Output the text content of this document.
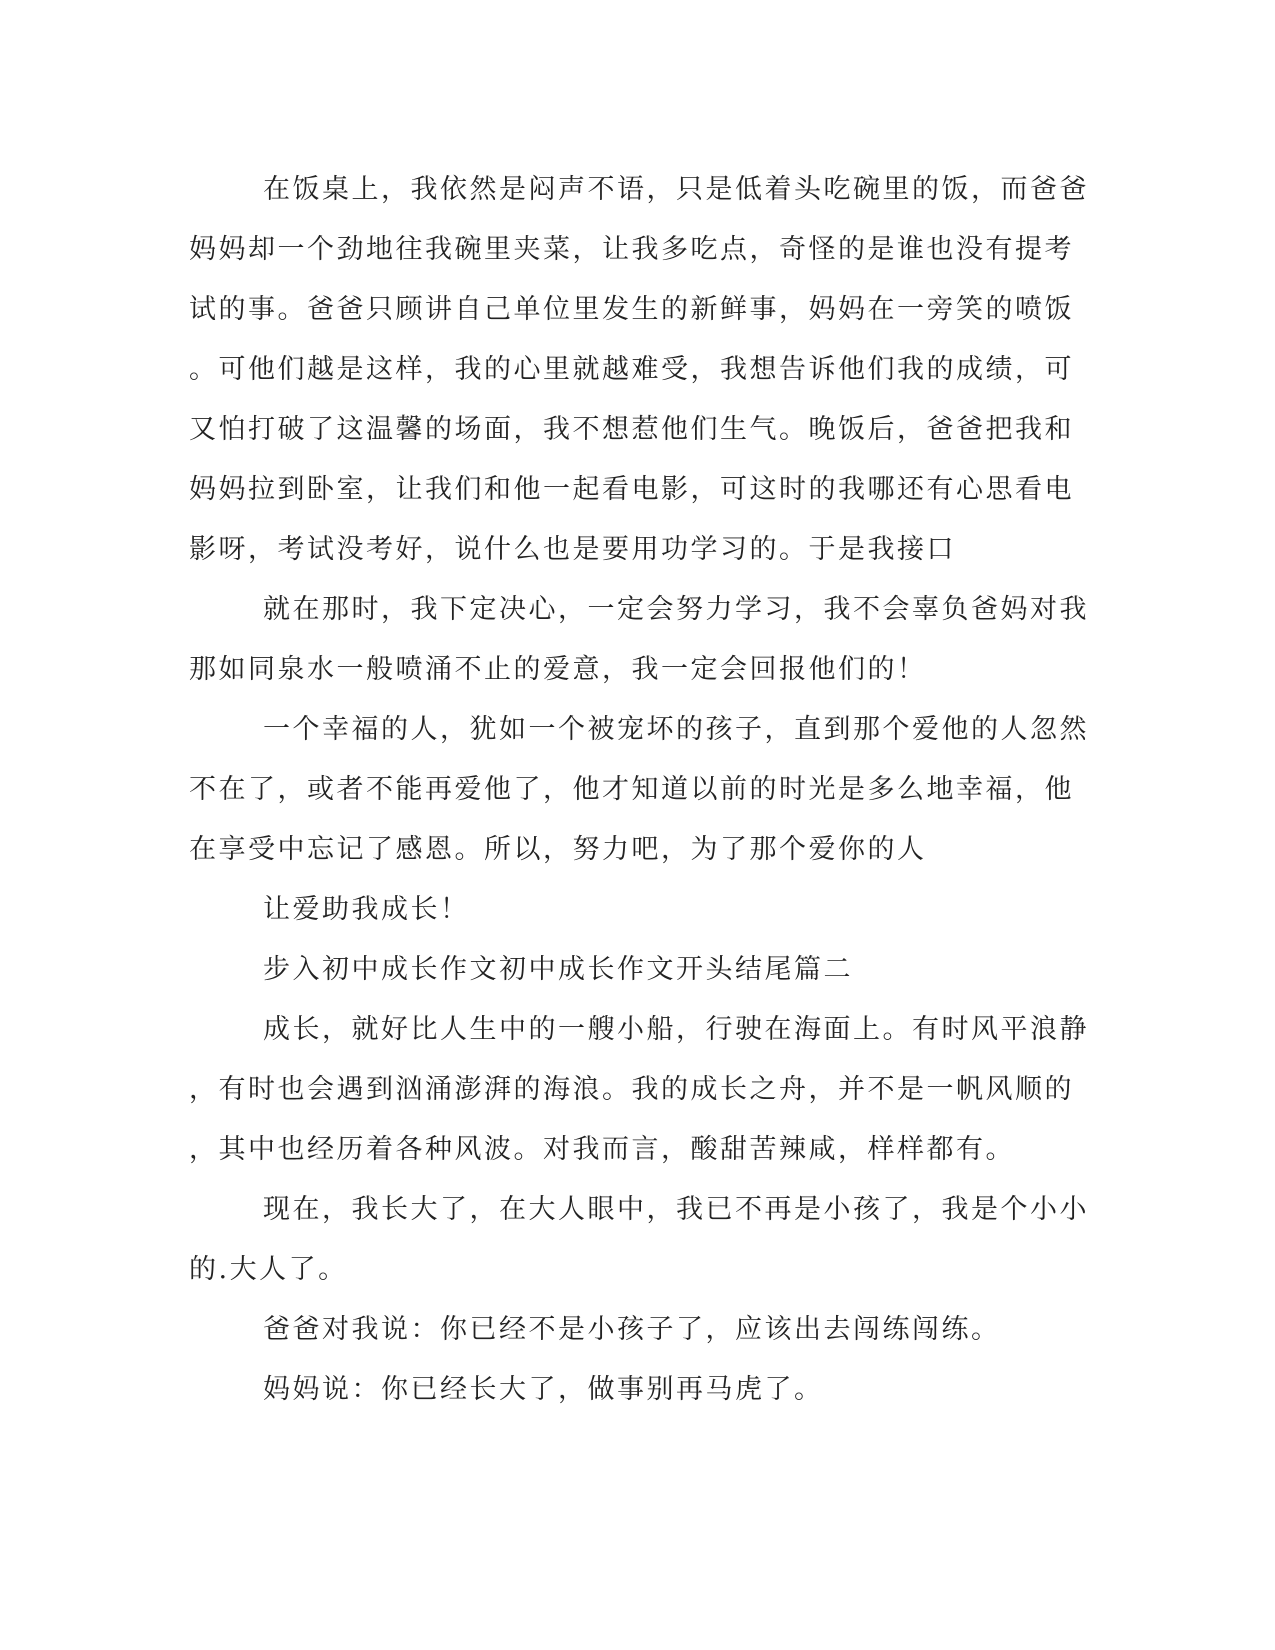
在饭桌上，我依然是闷声不语，只是低着头吃碗里的饭，而爸爸
妈妈却一个劲地往我碗里夹菜，让我多吃点，奇怪的是谁也没有提考
试的事。爸爸只顾讲自己单位里发生的新鲜事，妈妈在一旁笑的喷饭
。可他们越是这样，我的心里就越难受，我想告诉他们我的成绩，可
又怕打破了这温馨的场面，我不想惹他们生气。晚饭后，爸爸把我和
妈妈拉到卧室，让我们和他一起看电影，可这时的我哪还有心思看电
影呀，考试没考好，说什么也是要用功学习的。于是我接口
就在那时，我下定决心，一定会努力学习，我不会辜负爸妈对我
那如同泉水一般喷涌不止的爱意，我一定会回报他们的！
一个幸福的人，犹如一个被宠坏的孩子，直到那个爱他的人忽然
不在了，或者不能再爱他了，他才知道以前的时光是多么地幸福，他
在享受中忘记了感恩。所以，努力吧，为了那个爱你的人
让爱助我成长！
步入初中成长作文初中成长作文开头结尾篇二
成长，就好比人生中的一艘小船，行驶在海面上。有时风平浪静
，有时也会遇到汹涌澎湃的海浪。我的成长之舟，并不是一帆风顺的
，其中也经历着各种风波。对我而言，酸甜苦辣咸，样样都有。
现在，我长大了，在大人眼中，我已不再是小孩了，我是个小小
的.大人了。
爸爸对我说：你已经不是小孩子了，应该出去闯练闯练。
妈妈说：你已经长大了，做事别再马虎了。
